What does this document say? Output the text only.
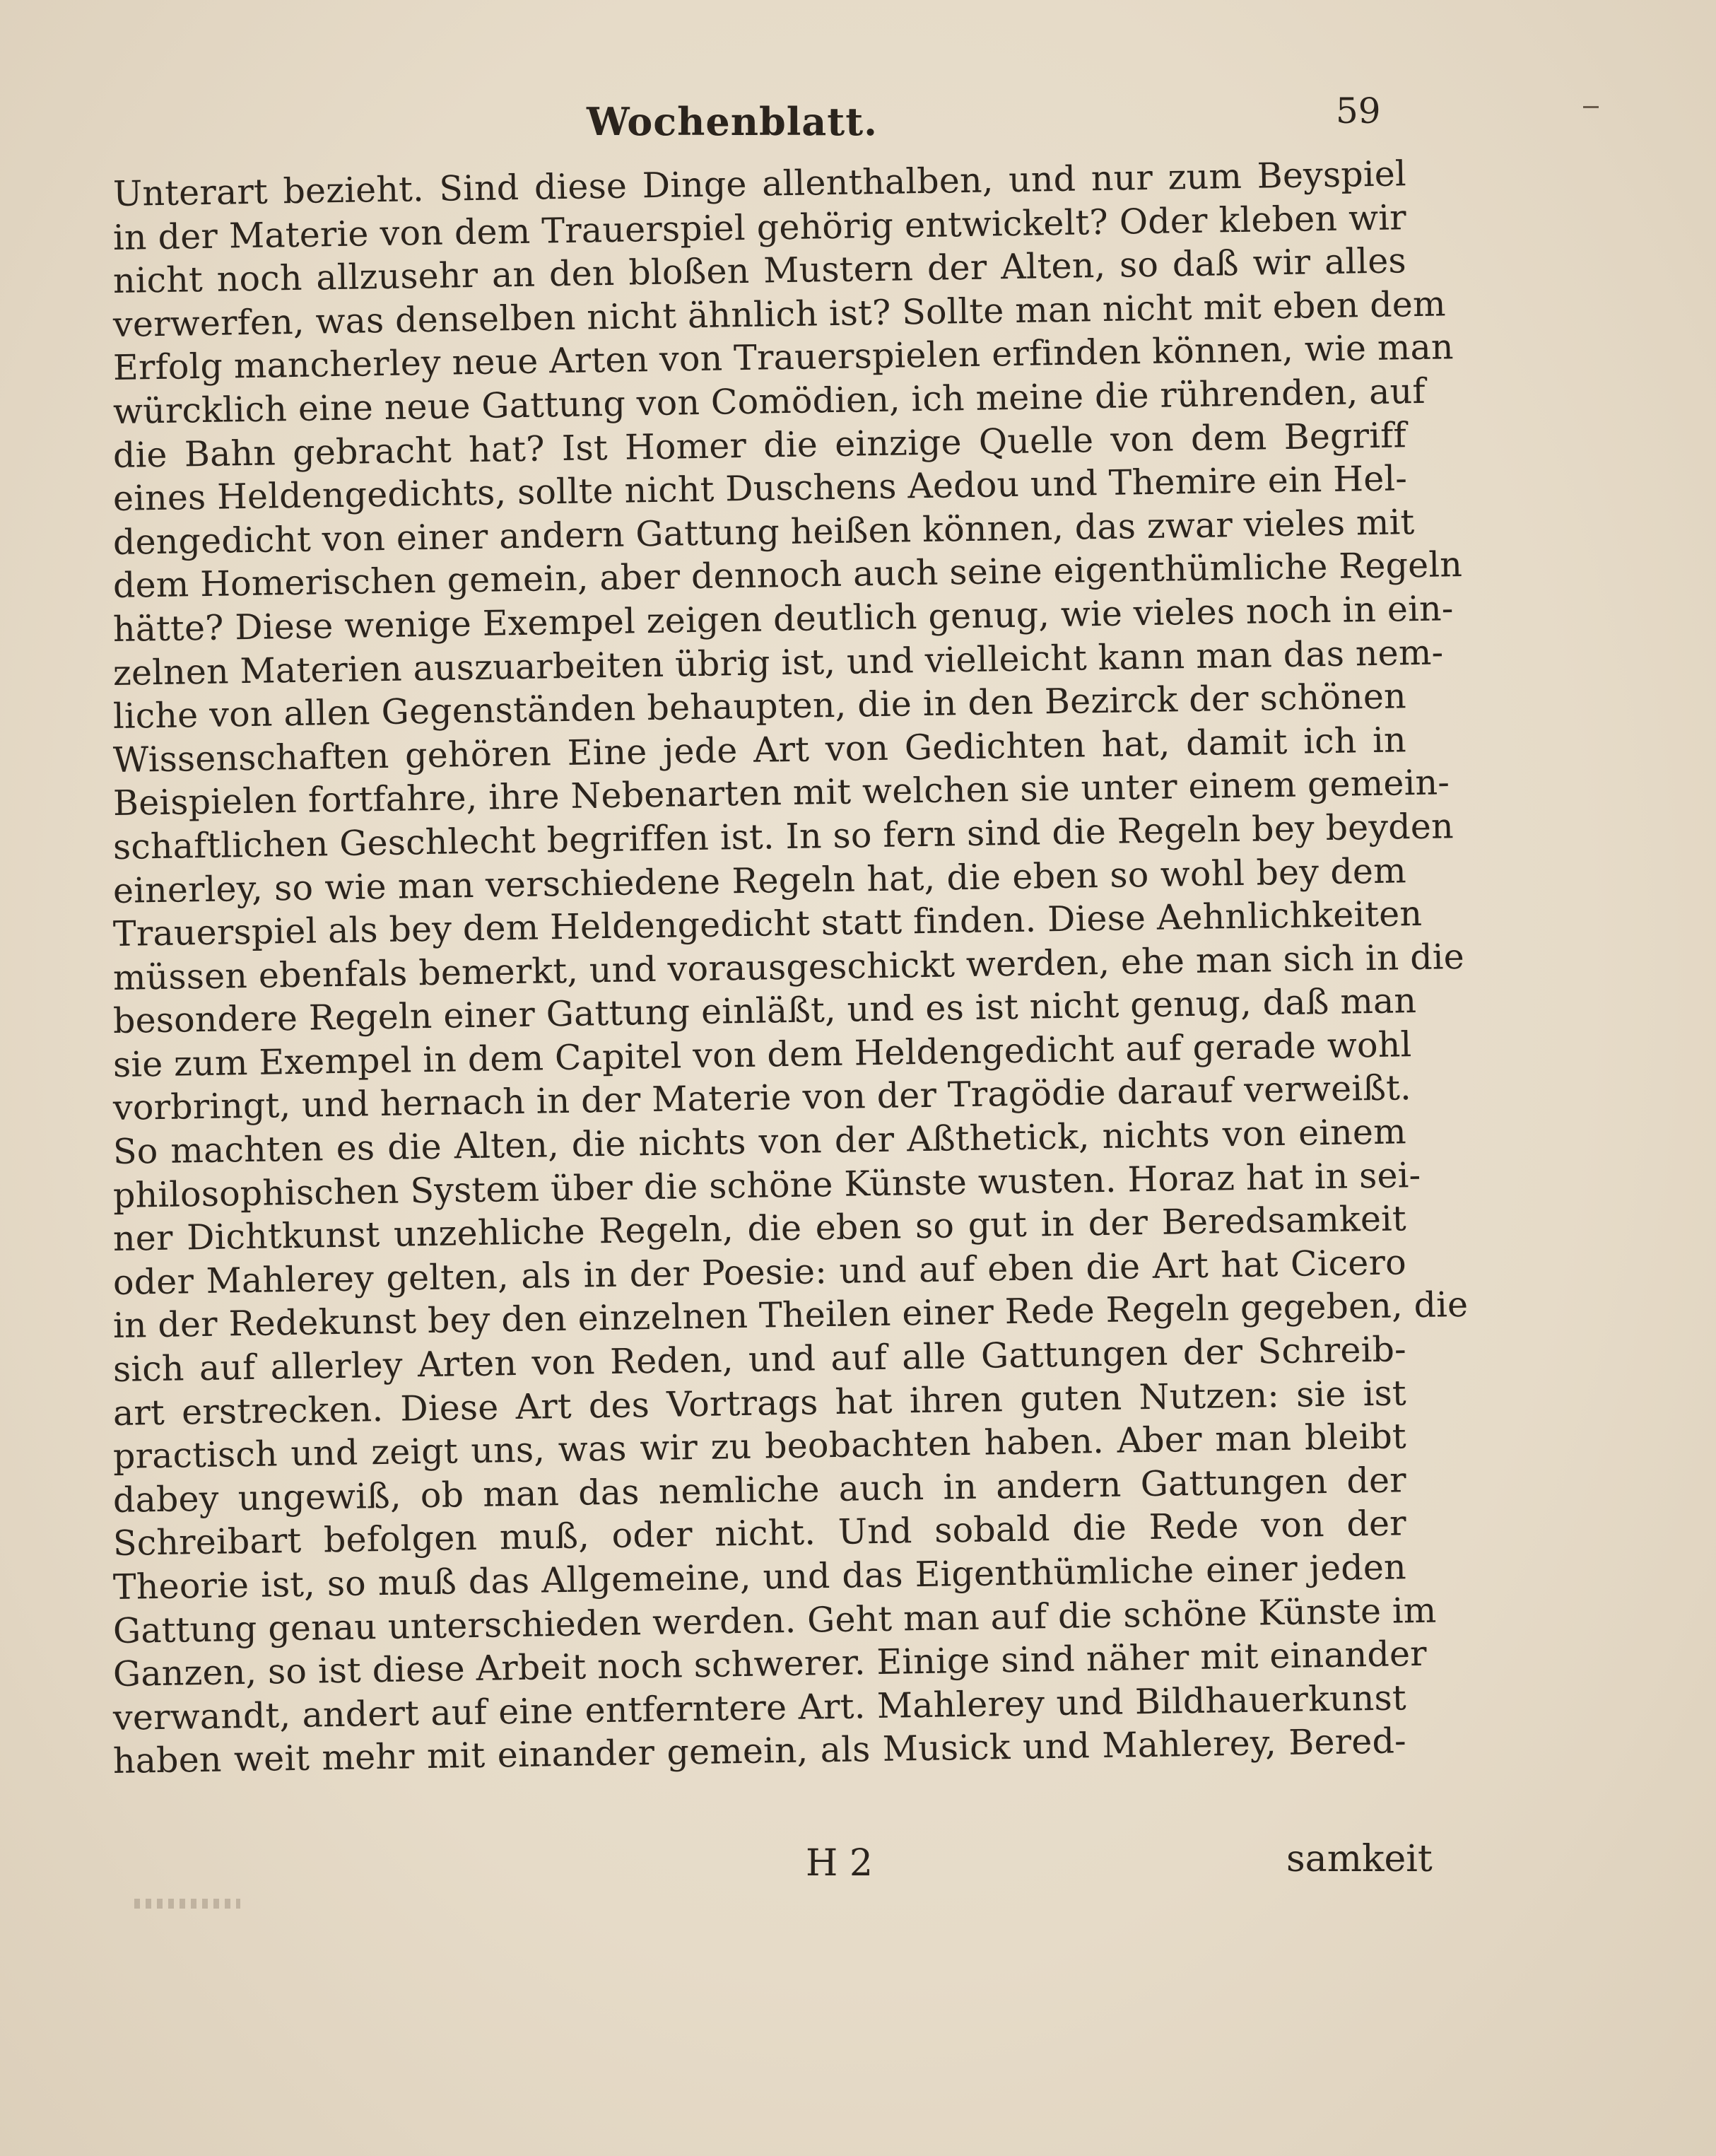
Wochenblatt.	59
Unterart bezieht. Sind diese Dinge allenthalben, und nur zum Beyspiel
in der Materie von dem Trauerspiel gehörig entwickelt? Oder kleben wir
nicht noch allzusehr an den bloßen Mustern der Alten, so daß wir alles
verwerfen, was denselben nicht ähnlich ist? Sollte man nicht mit eben dem
Erfolg mancherley neue Arten von Trauerspielen erfinden können, wie man
würcklich eine neue Gattung von Comödien, ich meine die rührenden, auf
die Bahn gebracht hat? Ist Homer die einzige Quelle von dem Begriff
eines Heldengedichts, sollte nicht Duschens Aedou und Themire ein Hel-
dengedicht von einer andern Gattung heißen können, das zwar vieles mit
dem Homerischen gemein, aber dennoch auch seine eigenthümliche Regeln
hätte? Diese wenige Exempel zeigen deutlich genug, wie vieles noch in ein-
zelnen Materien auszuarbeiten übrig ist, und vielleicht kann man das nem-
liche von allen Gegenständen behaupten, die in den Bezirck der schönen
Wissenschaften gehören Eine jede Art von Gedichten hat, damit ich in
Beispielen fortfahre, ihre Nebenarten mit welchen sie unter einem gemein-
schaftlichen Geschlecht begriffen ist. In so fern sind die Regeln bey beyden
einerley, so wie man verschiedene Regeln hat, die eben so wohl bey dem
Trauerspiel als bey dem Heldengedicht statt finden. Diese Aehnlichkeiten
müssen ebenfals bemerkt, und vorausgeschickt werden, ehe man sich in die
besondere Regeln einer Gattung einläßt, und es ist nicht genug, daß man
sie zum Exempel in dem Capitel von dem Heldengedicht auf gerade wohl
vorbringt, und hernach in der Materie von der Tragödie darauf verweißt.
So machten es die Alten, die nichts von der Aßthetick, nichts von einem
philosophischen System über die schöne Künste wusten. Horaz hat in sei-
ner Dichtkunst unzehliche Regeln, die eben so gut in der Beredsamkeit
oder Mahlerey gelten, als in der Poesie: und auf eben die Art hat Cicero
in der Redekunst bey den einzelnen Theilen einer Rede Regeln gegeben, die
sich auf allerley Arten von Reden, und auf alle Gattungen der Schreib-
art erstrecken. Diese Art des Vortrags hat ihren guten Nutzen: sie ist
practisch und zeigt uns, was wir zu beobachten haben. Aber man bleibt
dabey ungewiß, ob man das nemliche auch in andern Gattungen der
Schreibart befolgen muß, oder nicht. Und sobald die Rede von der
Theorie ist, so muß das Allgemeine, und das Eigenthümliche einer jeden
Gattung genau unterschieden werden. Geht man auf die schöne Künste im
Ganzen, so ist diese Arbeit noch schwerer. Einige sind näher mit einander
verwandt, andert auf eine entferntere Art. Mahlerey und Bildhauerkunst
haben weit mehr mit einander gemein, als Musick und Mahlerey, Bered-
H 2	samkeit
